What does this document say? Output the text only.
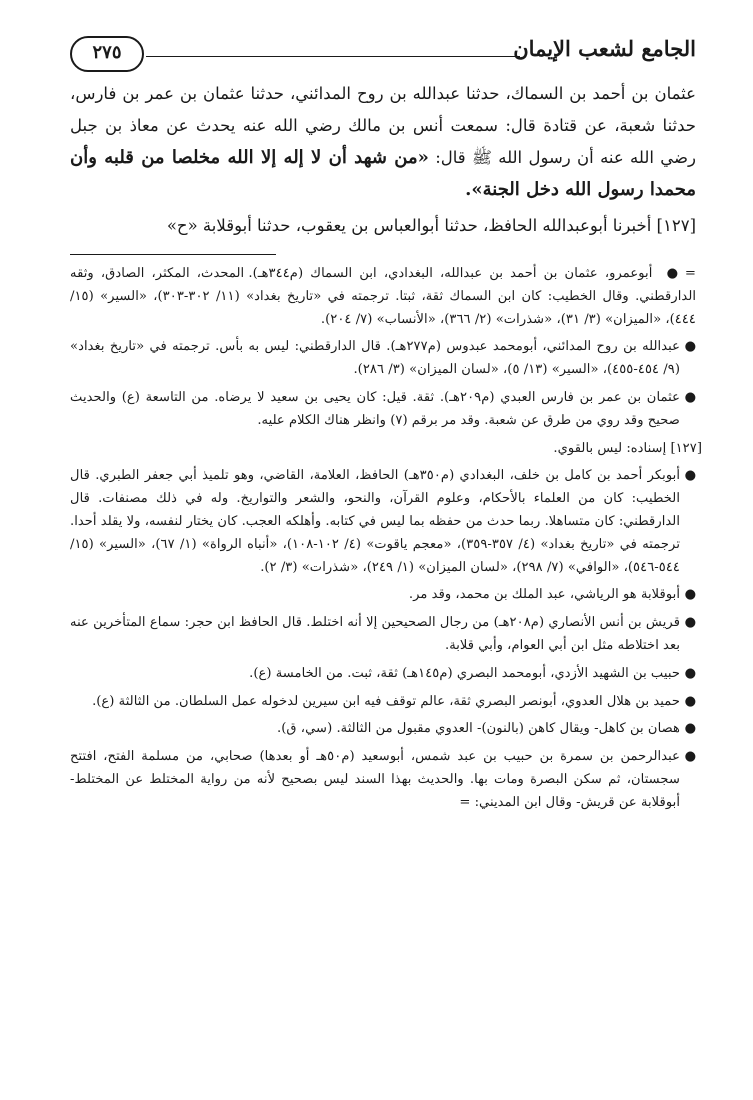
الجامع لشعب الإيمان
٢٧٥

عثمان بن أحمد بن السماك، حدثنا عبدالله بن روح المدائني، حدثنا عثمان بن عمر بن فارس، حدثنا شعبة، عن قتادة قال: سمعت أنس بن مالك رضي الله عنه يحدث عن معاذ بن جبل رضي الله عنه أن رسول الله ﷺ قال: «من شهد أن لا إله إلا الله مخلصا من قلبه وأن محمدا رسول الله دخل الجنة».

[١٢٧] أخبرنا أبوعبدالله الحافظ، حدثنا أبوالعباس بن يعقوب، حدثنا أبوقلابة «ح»

=● أبوعمرو، عثمان بن أحمد بن عبدالله، البغدادي، ابن السماك (م٣٤٤هـ). المحدث، المكثر، الصادق، وثقه الدارقطني. وقال الخطيب: كان ابن السماك ثقة، ثبتا. ترجمته في «تاريخ بغداد» (١١/ ٣٠٢-٣٠٣)، «السير» (١٥/ ٤٤٤)، «الميزان» (٣/ ٣١)، «شذرات» (٢/ ٣٦٦)، «الأنساب» (٧/ ٢٠٤).

●
عبدالله بن روح المدائني، أبومحمد عبدوس (م٢٧٧هـ). قال الدارقطني: ليس به بأس. ترجمته في «تاريخ بغداد» (٩/ ٤٥٤-٤٥٥)، «السير» (١٣/ ٥)، «لسان الميزان» (٣/ ٢٨٦).

●
عثمان بن عمر بن فارس العبدي (م٢٠٩هـ). ثقة. قيل: كان يحيى بن سعيد لا يرضاه. من التاسعة (ع) والحديث صحيح وقد روي من طرق عن شعبة. وقد مر برقم (٧) وانظر هناك الكلام عليه.

[١٢٧] إسناده: ليس بالقوي.

●
أبوبكر أحمد بن كامل بن خلف، البغدادي (م٣٥٠هـ) الحافظ، العلامة، القاضي، وهو تلميذ أبي جعفر الطبري. قال الخطيب: كان من العلماء بالأحكام، وعلوم القرآن، والنحو، والشعر والتواريخ. وله في ذلك مصنفات. قال الدارقطني: كان متساهلا. ربما حدث من حفظه بما ليس في كتابه. وأهلكه العجب. كان يختار لنفسه، ولا يقلد أحدا. ترجمته في «تاريخ بغداد» (٤/ ٣٥٧-٣٥٩)، «معجم ياقوت» (٤/ ١٠٢-١٠٨)، «أنباه الرواة» (١/ ٦٧)، «السير» (١٥/ ٥٤٤-٥٤٦)، «الوافي» (٧/ ٢٩٨)، «لسان الميزان» (١/ ٢٤٩)، «شذرات» (٣/ ٢).

●
أبوقلابة هو الرياشي، عبد الملك بن محمد، وقد مر.

●
قريش بن أنس الأنصاري (م٢٠٨هـ) من رجال الصحيحين إلا أنه اختلط. قال الحافظ ابن حجر: سماع المتأخرين عنه بعد اختلاطه مثل ابن أبي العوام، وأبي قلابة.

●
حبيب بن الشهيد الأزدي، أبومحمد البصري (م١٤٥هـ) ثقة، ثبت. من الخامسة (ع).

●
حميد بن هلال العدوي، أبونصر البصري ثقة، عالم توقف فيه ابن سيرين لدخوله عمل السلطان. من الثالثة (ع).

●
هصان بن كاهل- ويقال كاهن (بالنون)- العدوي مقبول من الثالثة. (سي، ق).

●
عبدالرحمن بن سمرة بن حبيب بن عبد شمس، أبوسعيد (م٥٠هـ أو بعدها) صحابي، من مسلمة الفتح، افتتح سجستان، ثم سكن البصرة ومات بها. والحديث بهذا السند ليس بصحيح لأنه من رواية المختلط عن المختلط- أبوقلابة عن قريش- وقال ابن المديني: =
